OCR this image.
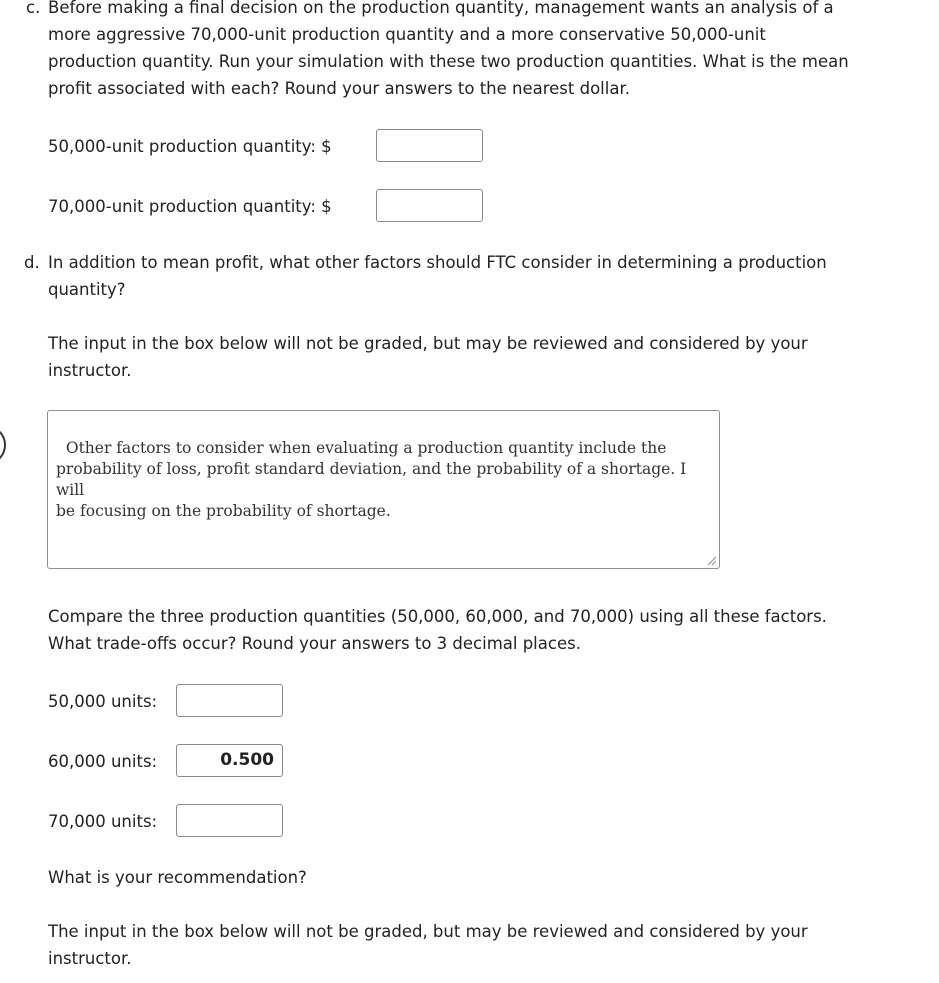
c. Before making a final decision on the production quantity, management wants an analysis of a

more aggressive 70,000-unit production quantity and a more conservative 50,000-unit

production quantity. Run your simulation with these two production quantities. What is the mean

profit associated with each? Round your answers to the nearest dollar.

50,000-unit production quantity: $
70,000-unit production quantity: $
d. In addition to mean profit, what other factors should FTC consider in determining a production

quantity?

The input in the box below will not be graded, but may be reviewed and considered by your

instructor.

Other factors to consider when evaluating a production quantity include the
probability of loss, profit standard deviation, and the probability of a shortage. I will
be focusing on the probability of shortage.

Compare the three production quantities (50,000, 60,000, and 70,000) using all these factors.

What trade-offs occur? Round your answers to 3 decimal places.

50,000 units:
60,000 units:	0.500
70,000 units:

What is your recommendation?

The input in the box below will not be graded, but may be reviewed and considered by your

instructor.
